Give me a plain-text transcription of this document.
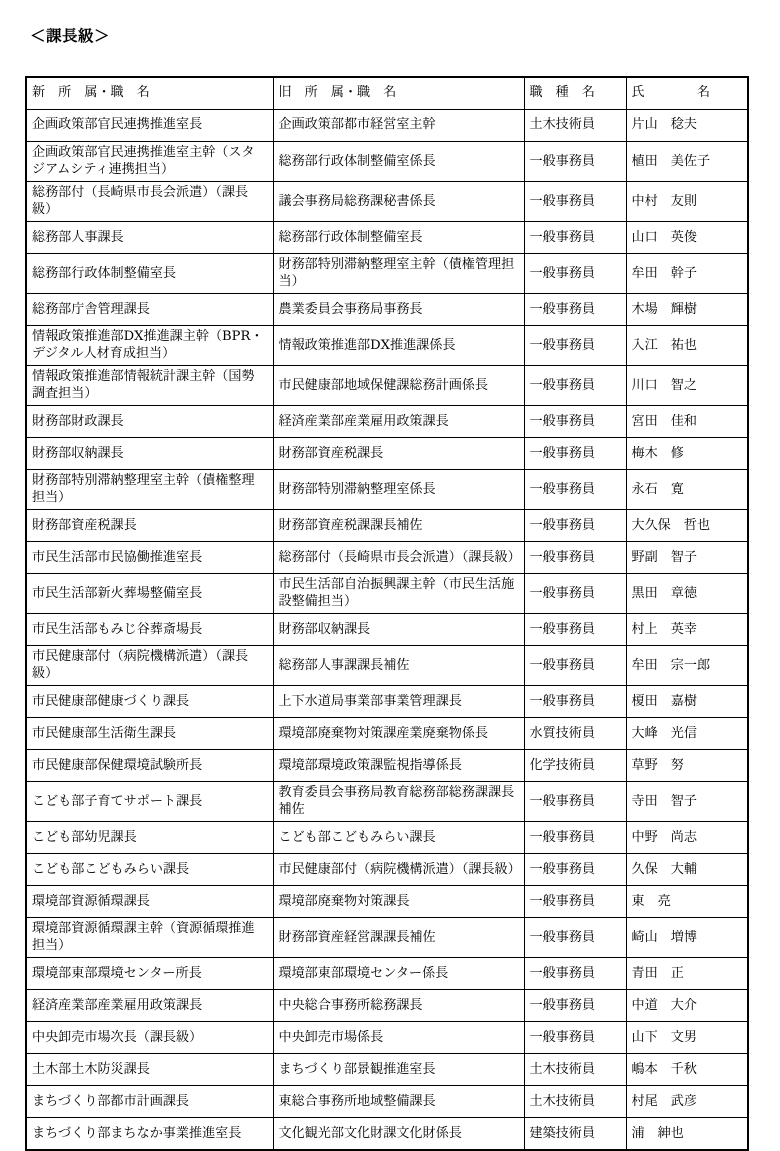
＜課長級＞
新　所　属・職　名	旧　所　属・職　名	職　種　名	氏　　　　名
企画政策部官民連携推進室長	企画政策部都市経営室主幹	土木技術員	片山　稔夫
企画政策部官民連携推進室主幹（スタジアムシティ連携担当）	総務部行政体制整備室係長	一般事務員	植田　美佐子
総務部付（長崎県市長会派遣）（課長級）	議会事務局総務課秘書係長	一般事務員	中村　友則
総務部人事課長	総務部行政体制整備室長	一般事務員	山口　英俊
総務部行政体制整備室長	財務部特別滞納整理室主幹（債権管理担当）	一般事務員	牟田　幹子
総務部庁舎管理課長	農業委員会事務局事務長	一般事務員	木場　輝樹
情報政策推進部DX推進課主幹（BPR・デジタル人材育成担当）	情報政策推進部DX推進課係長	一般事務員	入江　祐也
情報政策推進部情報統計課主幹（国勢調査担当）	市民健康部地域保健課総務計画係長	一般事務員	川口　智之
財務部財政課長	経済産業部産業雇用政策課長	一般事務員	宮田　佳和
財務部収納課長	財務部資産税課長	一般事務員	梅木　修
財務部特別滞納整理室主幹（債権整理担当）	財務部特別滞納整理室係長	一般事務員	永石　寛
財務部資産税課長	財務部資産税課課長補佐	一般事務員	大久保　哲也
市民生活部市民協働推進室長	総務部付（長崎県市長会派遣）（課長級）	一般事務員	野副　智子
市民生活部新火葬場整備室長	市民生活部自治振興課主幹（市民生活施設整備担当）	一般事務員	黒田　章徳
市民生活部もみじ谷葬斎場長	財務部収納課長	一般事務員	村上　英幸
市民健康部付（病院機構派遣）（課長級）	総務部人事課課長補佐	一般事務員	牟田　宗一郎
市民健康部健康づくり課長	上下水道局事業部事業管理課長	一般事務員	榎田　嘉樹
市民健康部生活衛生課長	環境部廃棄物対策課産業廃棄物係長	水質技術員	大峰　光信
市民健康部保健環境試験所長	環境部環境政策課監視指導係長	化学技術員	草野　努
こども部子育てサポート課長	教育委員会事務局教育総務部総務課課長補佐	一般事務員	寺田　智子
こども部幼児課長	こども部こどもみらい課長	一般事務員	中野　尚志
こども部こどもみらい課長	市民健康部付（病院機構派遣）（課長級）	一般事務員	久保　大輔
環境部資源循環課長	環境部廃棄物対策課長	一般事務員	東　亮
環境部資源循環課主幹（資源循環推進担当）	財務部資産経営課課長補佐	一般事務員	崎山　増博
環境部東部環境センター所長	環境部東部環境センター係長	一般事務員	青田　正
経済産業部産業雇用政策課長	中央総合事務所総務課長	一般事務員	中道　大介
中央卸売市場次長（課長級）	中央卸売市場係長	一般事務員	山下　文男
土木部土木防災課長	まちづくり部景観推進室長	土木技術員	嶋本　千秋
まちづくり部都市計画課長	東総合事務所地域整備課長	土木技術員	村尾　武彦
まちづくり部まちなか事業推進室長	文化観光部文化財課文化財係長	建築技術員	浦　紳也
